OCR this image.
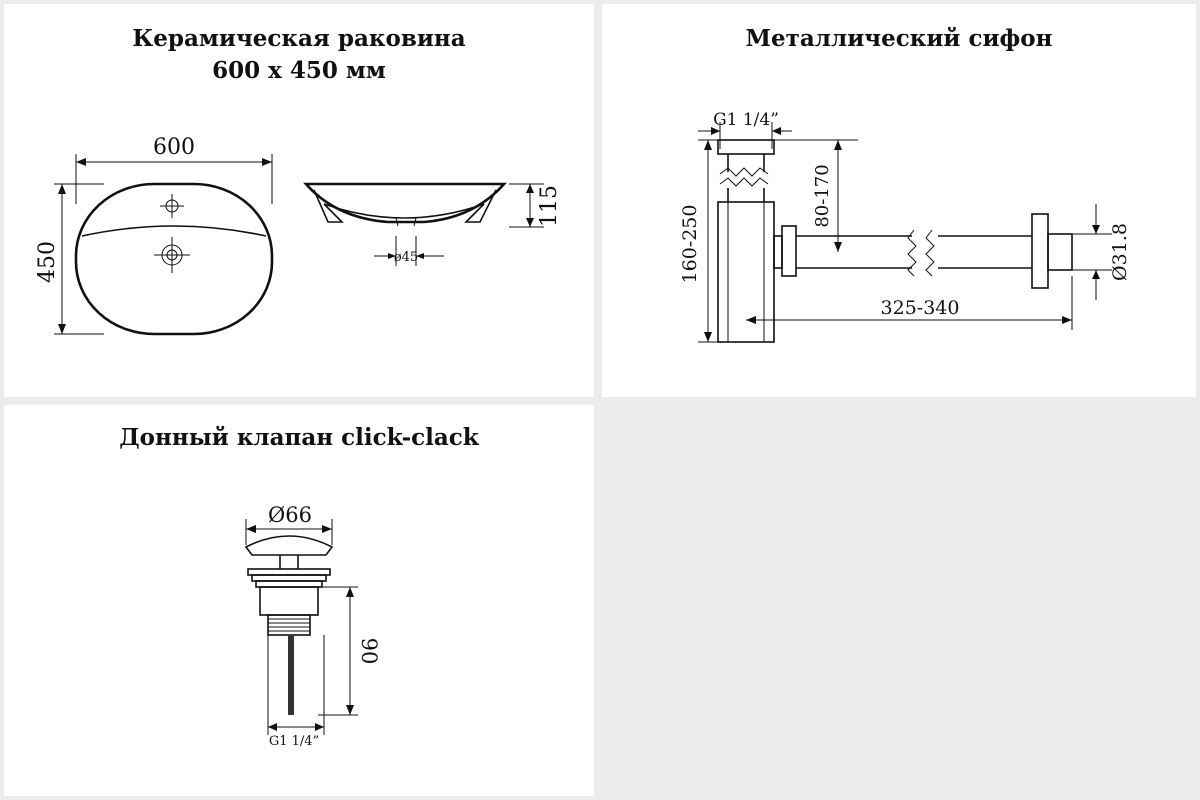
Керамическая раковина
600 х 450 мм
600
450
115
ø45
Металлический сифон
G1 1/4”
80-170
160-250
325-340
Ø31.8
Донный клапан click-clack
Ø66
90
G1 1/4”
